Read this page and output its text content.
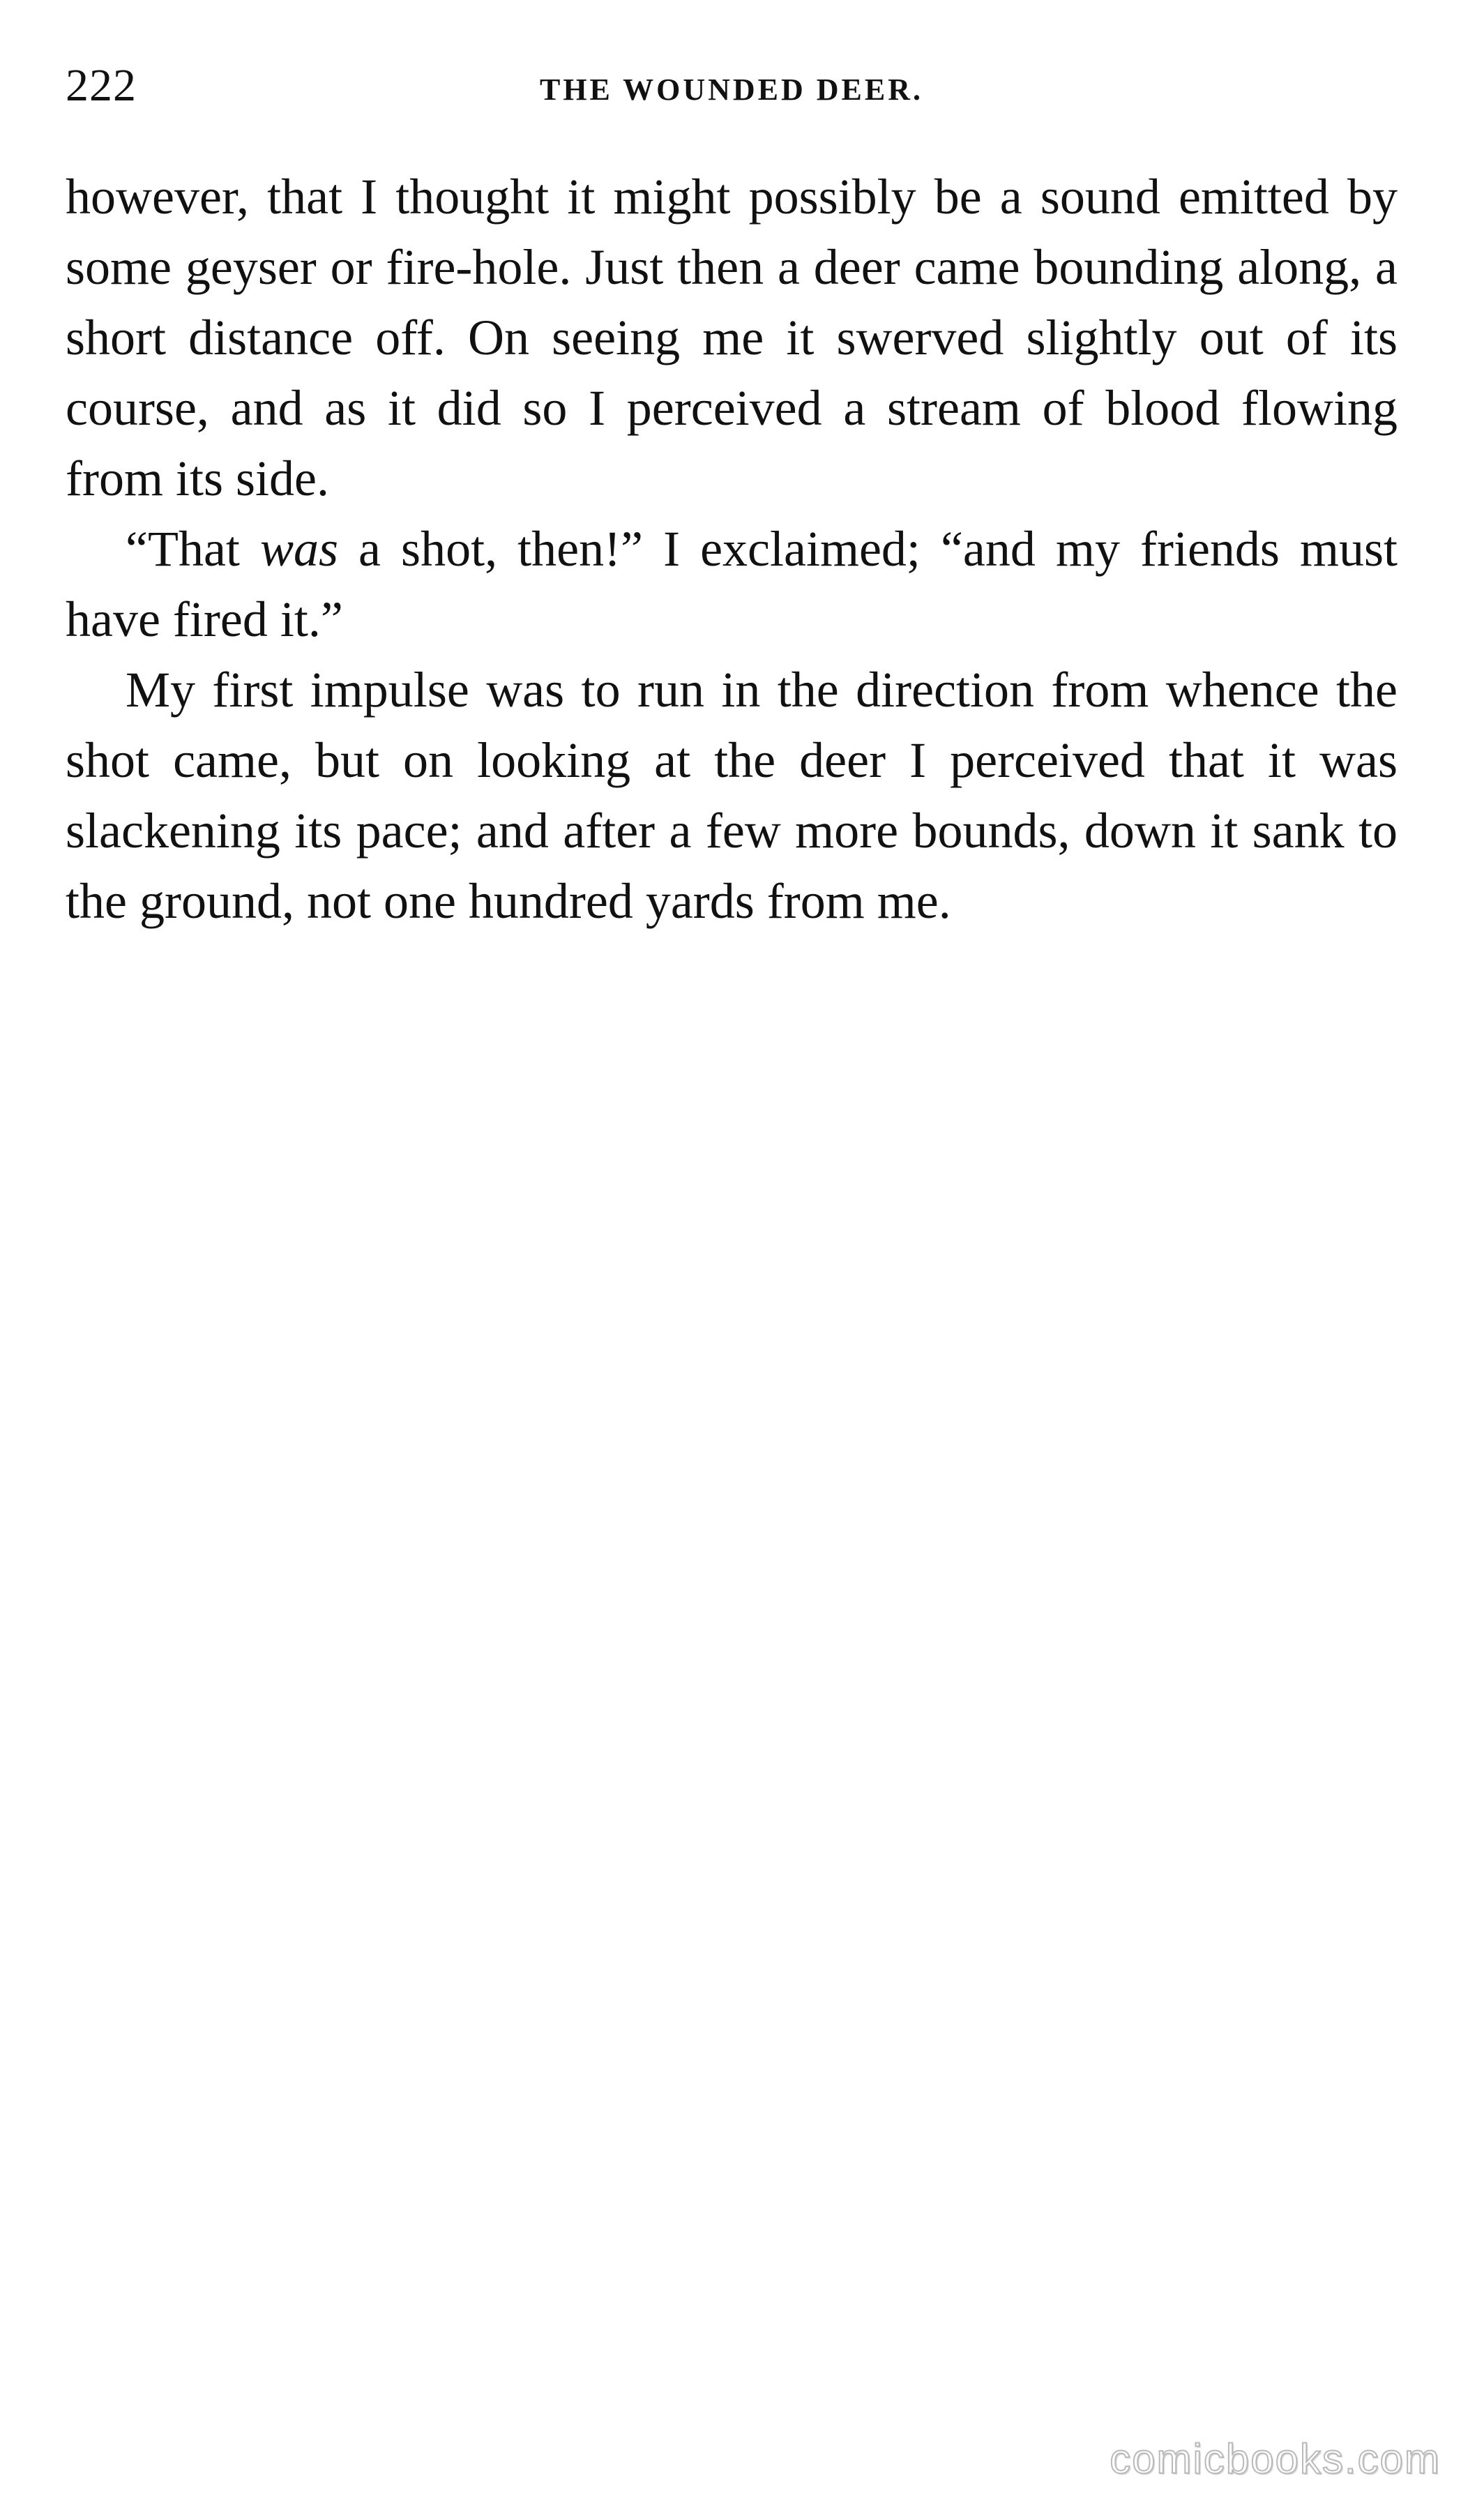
222	THE WOUNDED DEER.

however, that I thought it might possibly be a sound emitted by some geyser or fire-hole. Just then a deer came bounding along, a short distance off. On seeing me it swerved slightly out of its course, and as it did so I perceived a stream of blood flowing from its side.

“That was a shot, then!” I exclaimed; “and my friends must have fired it.”

My first impulse was to run in the direction from whence the shot came, but on looking at the deer I perceived that it was slackening its pace; and after a few more bounds, down it sank to the ground, not one hundred yards from me.

comicbooks.com
